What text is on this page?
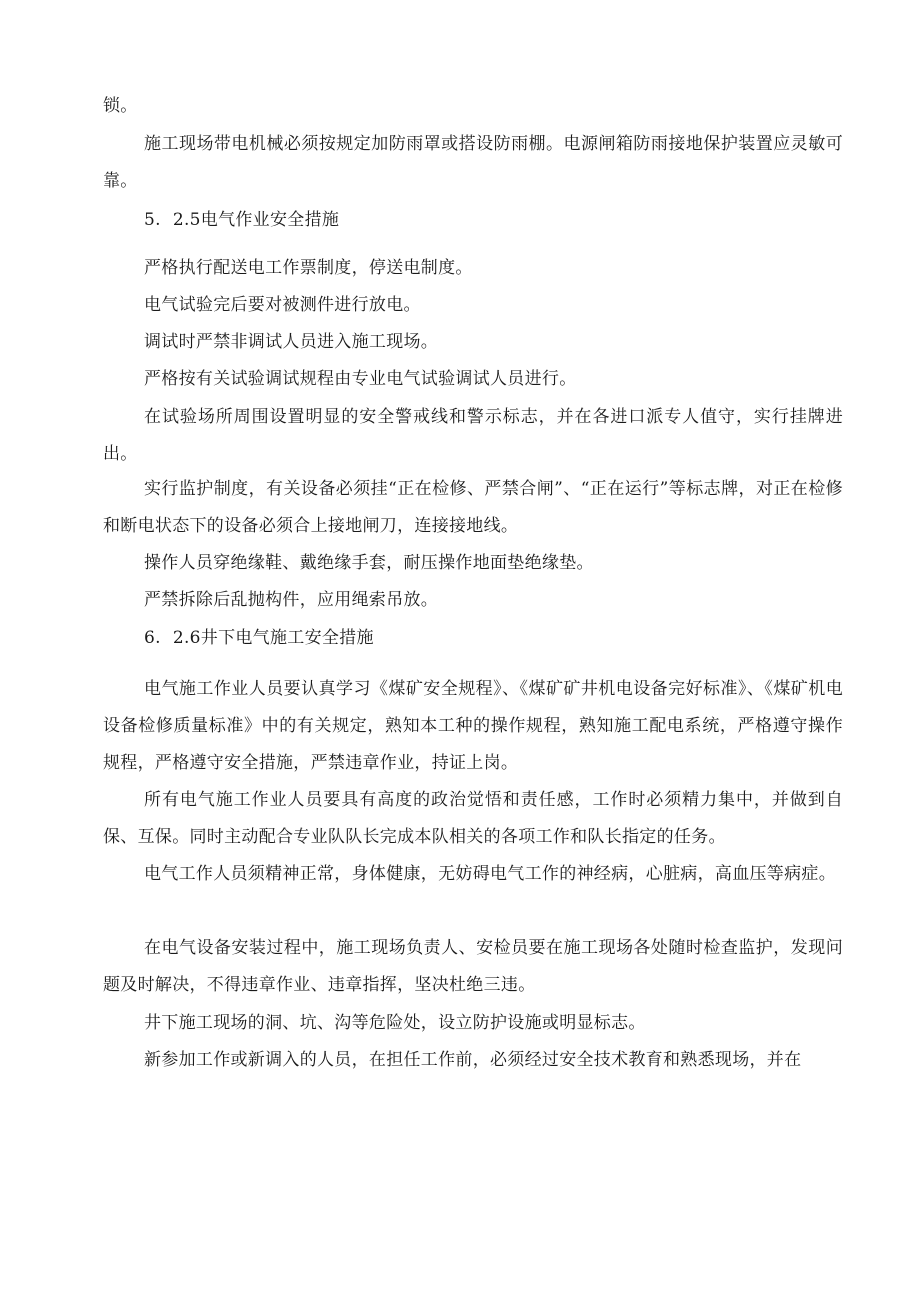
锁。

施工现场带电机械必须按规定加防雨罩或搭设防雨棚。电源闸箱防雨接地保护装置应灵敏可靠。

5. 2.5电气作业安全措施

严格执行配送电工作票制度，停送电制度。

电气试验完后要对被测件进行放电。

调试时严禁非调试人员进入施工现场。

严格按有关试验调试规程由专业电气试验调试人员进行。

在试验场所周围设置明显的安全警戒线和警示标志，并在各进口派专人值守，实行挂牌进出。

实行监护制度，有关设备必须挂“正在检修、严禁合闸”、“正在运行”等标志牌，对正在检修和断电状态下的设备必须合上接地闸刀，连接接地线。

操作人员穿绝缘鞋、戴绝缘手套，耐压操作地面垫绝缘垫。

严禁拆除后乱抛构件，应用绳索吊放。

6. 2.6井下电气施工安全措施

电气施工作业人员要认真学习《煤矿安全规程》、《煤矿矿井机电设备完好标准》、《煤矿机电设备检修质量标准》中的有关规定，熟知本工种的操作规程，熟知施工配电系统，严格遵守操作规程，严格遵守安全措施，严禁违章作业，持证上岗。

所有电气施工作业人员要具有高度的政治觉悟和责任感，工作时必须精力集中，并做到自保、互保。同时主动配合专业队队长完成本队相关的各项工作和队长指定的任务。

电气工作人员须精神正常，身体健康，无妨碍电气工作的神经病，心脏病，高血压等病症。

在电气设备安装过程中，施工现场负责人、安检员要在施工现场各处随时检查监护，发现问题及时解决，不得违章作业、违章指挥，坚决杜绝三违。

井下施工现场的洞、坑、沟等危险处，设立防护设施或明显标志。

新参加工作或新调入的人员，在担任工作前，必须经过安全技术教育和熟悉现场，并在
